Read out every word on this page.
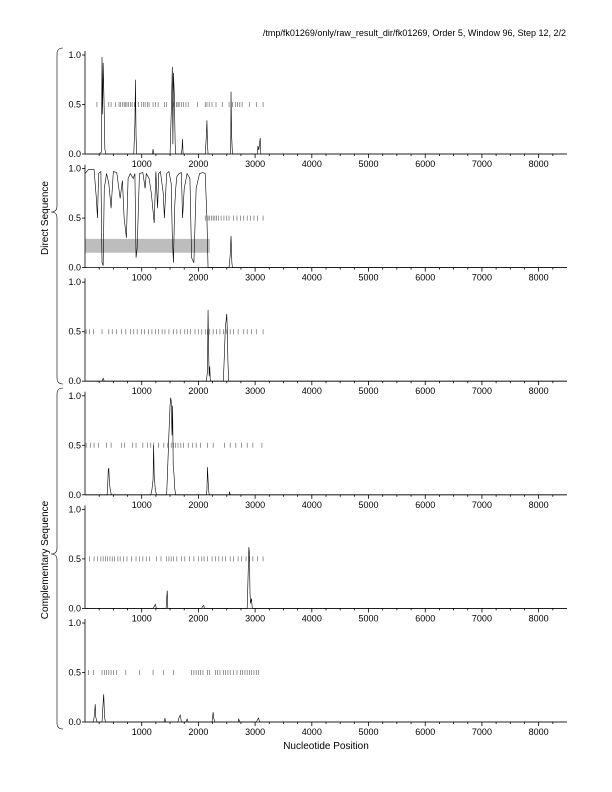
/tmp/fk01269/only/raw_result_dir/fk01269, Order 5, Window 96, Step 12, 2/2
Direct Sequence
Complementary Sequence
Nucleotide Position
0.0
0.5
1.0
1000	2000	3000	4000	5000	6000	7000	8000
0.0
0.5
1.0
1000	2000	3000	4000	5000	6000	7000	8000
0.0
0.5
1.0
1000	2000	3000	4000	5000	6000	7000	8000
0.0
0.5
1.0
1000	2000	3000	4000	5000	6000	7000	8000
0.0
0.5
1.0
1000	2000	3000	4000	5000	6000	7000	8000
0.0
0.5
1.0
1000	2000	3000	4000	5000	6000	7000	8000
